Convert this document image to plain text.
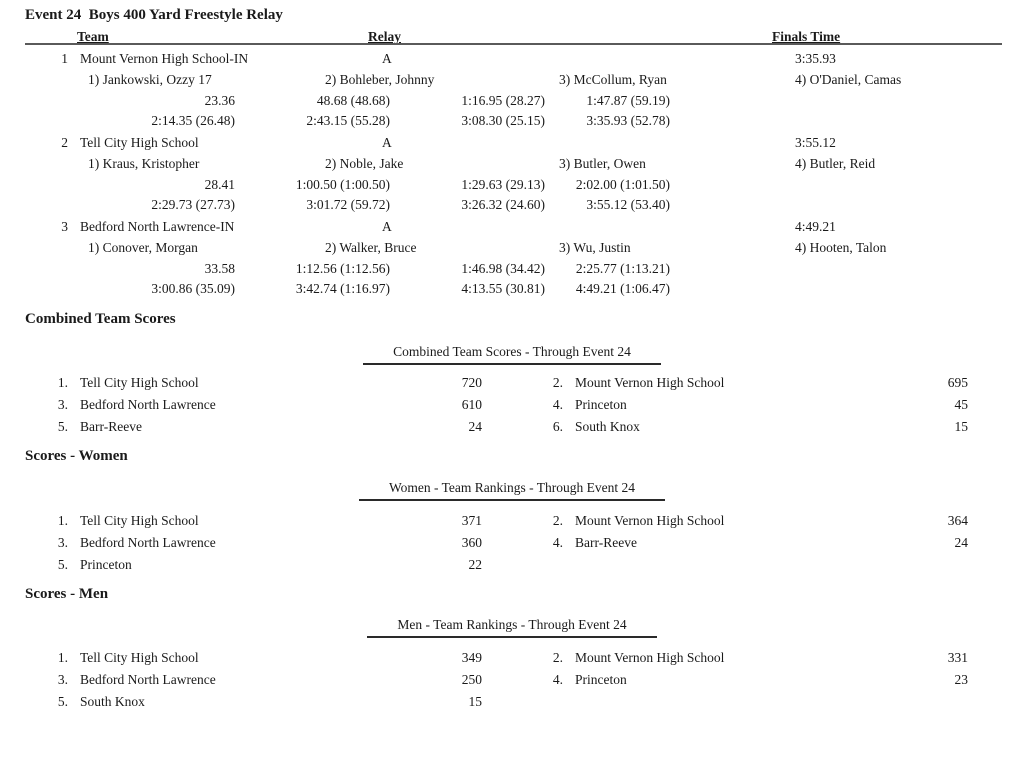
Event 24  Boys 400 Yard Freestyle Relay
Team	Relay	Finals Time
1 Mount Vernon High School-IN	A	3:35.93
1) Jankowski, Ozzy 17	2) Bohleber, Johnny	3) McCollum, Ryan	4) O'Daniel, Camas
23.36	48.68 (48.68)	1:16.95 (28.27)	1:47.87 (59.19)
2:14.35 (26.48)	2:43.15 (55.28)	3:08.30 (25.15)	3:35.93 (52.78)
2 Tell City High School	A	3:55.12
1) Kraus, Kristopher	2) Noble, Jake	3) Butler, Owen	4) Butler, Reid
28.41	1:00.50 (1:00.50)	1:29.63 (29.13)	2:02.00 (1:01.50)
2:29.73 (27.73)	3:01.72 (59.72)	3:26.32 (24.60)	3:55.12 (53.40)
3 Bedford North Lawrence-IN	A	4:49.21
1) Conover, Morgan	2) Walker, Bruce	3) Wu, Justin	4) Hooten, Talon
33.58	1:12.56 (1:12.56)	1:46.98 (34.42)	2:25.77 (1:13.21)
3:00.86 (35.09)	3:42.74 (1:16.97)	4:13.55 (30.81)	4:49.21 (1:06.47)
Combined Team Scores
Combined Team Scores - Through Event 24
1. Tell City High School	720	2. Mount Vernon High School	695
3. Bedford North Lawrence	610	4. Princeton	45
5. Barr-Reeve	24	6. South Knox	15
Scores - Women
Women - Team Rankings - Through Event 24
1. Tell City High School	371	2. Mount Vernon High School	364
3. Bedford North Lawrence	360	4. Barr-Reeve	24
5. Princeton	22
Scores - Men
Men - Team Rankings - Through Event 24
1. Tell City High School	349	2. Mount Vernon High School	331
3. Bedford North Lawrence	250	4. Princeton	23
5. South Knox	15
